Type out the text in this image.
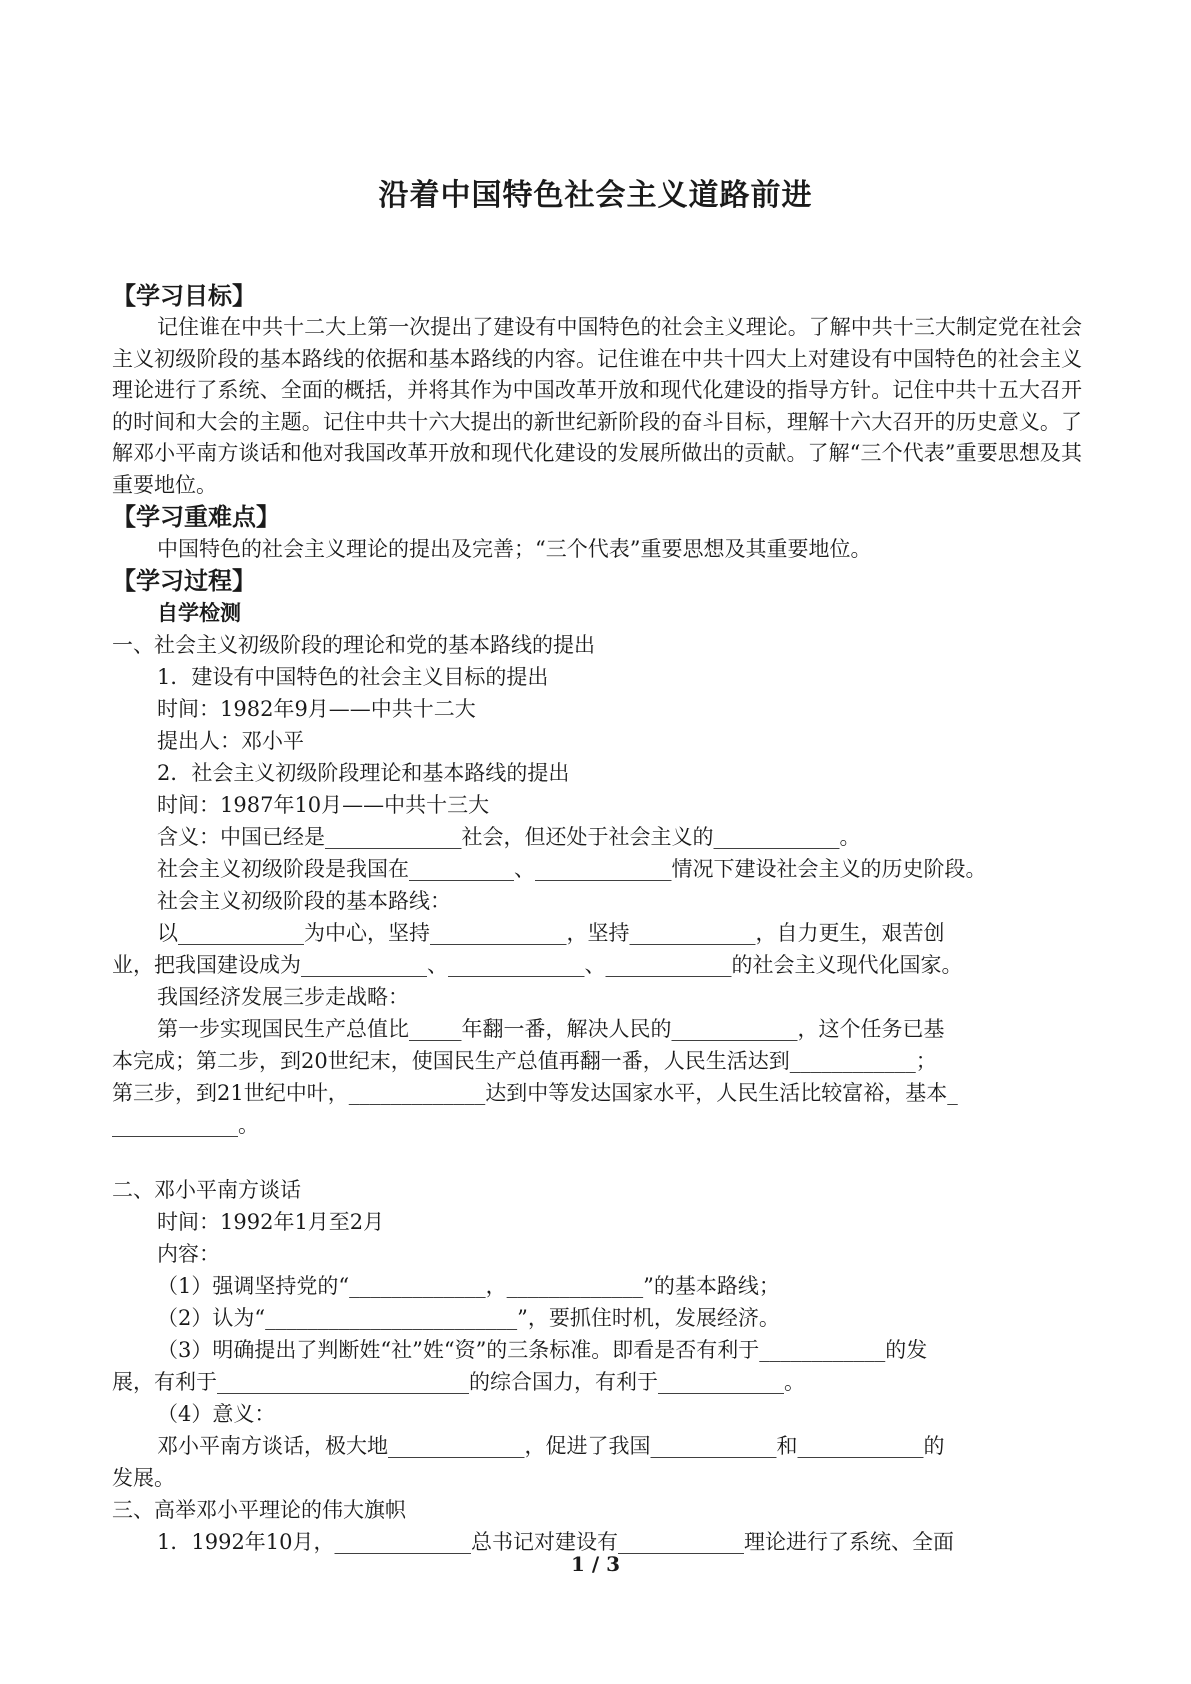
沿着中国特色社会主义道路前进
【学习目标】
记住谁在中共十二大上第一次提出了建设有中国特色的社会主义理论。了解中共十三大制定党在社会主义初级阶段的基本路线的依据和基本路线的内容。记住谁在中共十四大上对建设有中国特色的社会主义理论进行了系统、全面的概括，并将其作为中国改革开放和现代化建设的指导方针。记住中共十五大召开的时间和大会的主题。记住中共十六大提出的新世纪新阶段的奋斗目标，理解十六大召开的历史意义。了解邓小平南方谈话和他对我国改革开放和现代化建设的发展所做出的贡献。了解“三个代表”重要思想及其重要地位。
【学习重难点】
中国特色的社会主义理论的提出及完善；“三个代表”重要思想及其重要地位。
【学习过程】
自学检测
一、社会主义初级阶段的理论和党的基本路线的提出
1．建设有中国特色的社会主义目标的提出
时间：1982年9月——中共十二大
提出人：邓小平
2．社会主义初级阶段理论和基本路线的提出
时间：1987年10月——中共十三大
含义：中国已经是_____________社会，但还处于社会主义的____________。
社会主义初级阶段是我国在__________、_____________情况下建设社会主义的历史阶段。
社会主义初级阶段的基本路线：
以____________为中心，坚持_____________，坚持____________，自力更生，艰苦创
业，把我国建设成为____________、_____________、____________的社会主义现代化国家。
我国经济发展三步走战略：
第一步实现国民生产总值比_____年翻一番，解决人民的____________，这个任务已基
本完成；第二步，到20世纪末，使国民生产总值再翻一番，人民生活达到____________；
第三步，到21世纪中叶，_____________达到中等发达国家水平，人民生活比较富裕，基本_
____________。
二、邓小平南方谈话
时间：1992年1月至2月
内容：
（1）强调坚持党的“_____________，_____________”的基本路线；
（2）认为“________________________”，要抓住时机，发展经济。
（3）明确提出了判断姓“社”姓“资”的三条标准。即看是否有利于____________的发
展，有利于________________________的综合国力，有利于____________。
（4）意义：
邓小平南方谈话，极大地_____________，促进了我国____________和____________的
发展。
三、高举邓小平理论的伟大旗帜
1．1992年10月，_____________总书记对建设有____________理论进行了系统、全面
1 / 3
